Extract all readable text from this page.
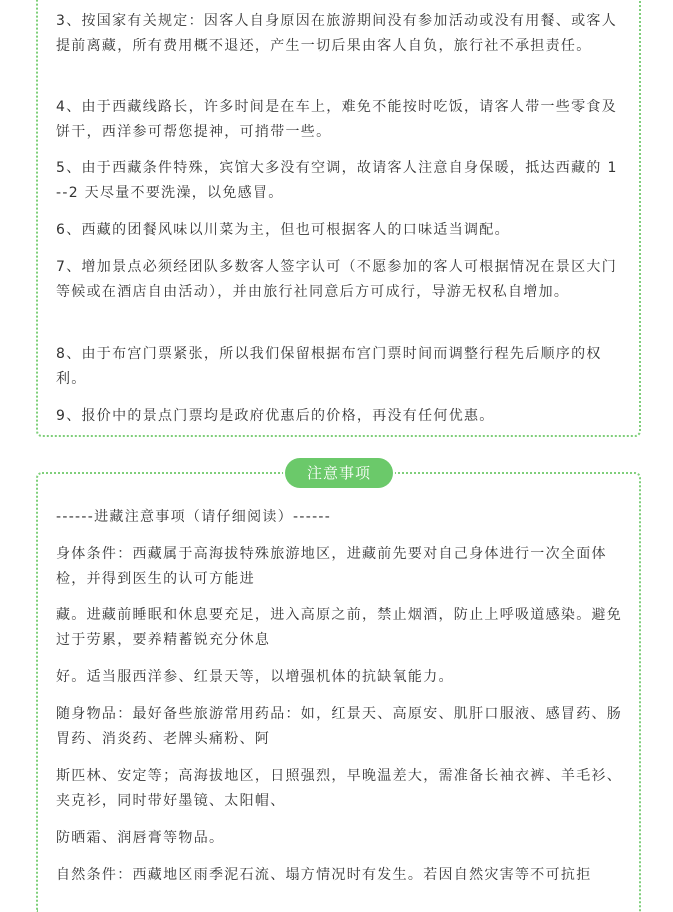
3、按国家有关规定：因客人自身原因在旅游期间没有参加活动或没有用餐、或客人提前离藏，所有费用概不退还，产生一切后果由客人自负，旅行社不承担责任。

4、由于西藏线路长，许多时间是在车上，难免不能按时吃饭，请客人带一些零食及饼干，西洋参可帮您提神，可捎带一些。

5、由于西藏条件特殊，宾馆大多没有空调，故请客人注意自身保暖，抵达西藏的 1--2 天尽量不要洗澡，以免感冒。

6、西藏的团餐风味以川菜为主，但也可根据客人的口味适当调配。

7、增加景点必须经团队多数客人签字认可（不愿参加的客人可根据情况在景区大门等候或在酒店自由活动），并由旅行社同意后方可成行，导游无权私自增加。

8、由于布宫门票紧张，所以我们保留根据布宫门票时间而调整行程先后顺序的权利。

9、报价中的景点门票均是政府优惠后的价格，再没有任何优惠。

注意事项

------进藏注意事项（请仔细阅读）------

身体条件：西藏属于高海拔特殊旅游地区，进藏前先要对自己身体进行一次全面体检，并得到医生的认可方能进

藏。进藏前睡眠和休息要充足，进入高原之前，禁止烟酒，防止上呼吸道感染。避免过于劳累，要养精蓄锐充分休息

好。适当服西洋参、红景天等，以增强机体的抗缺氧能力。

随身物品：最好备些旅游常用药品：如，红景天、高原安、肌肝口服液、感冒药、肠胃药、消炎药、老牌头痛粉、阿

斯匹林、安定等；高海拔地区，日照强烈，早晚温差大，需准备长袖衣裤、羊毛衫、夹克衫，同时带好墨镜、太阳帽、

防晒霜、润唇膏等物品。

自然条件：西藏地区雨季泥石流、塌方情况时有发生。若因自然灾害等不可抗拒
